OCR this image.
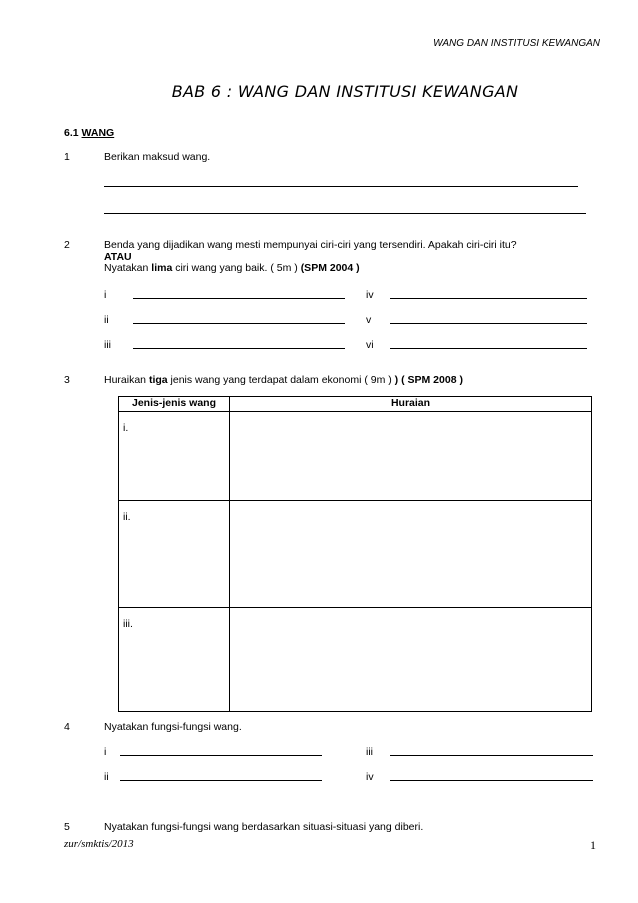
WANG DAN INSTITUSI KEWANGAN
BAB 6 : WANG DAN INSTITUSI KEWANGAN
6.1 WANG
1	Berikan maksud wang.
2	Benda yang dijadikan wang mesti mempunyai ciri-ciri yang tersendiri. Apakah ciri-ciri itu?
ATAU
Nyatakan lima ciri wang yang baik. ( 5m ) (SPM 2004 )
i	iv
ii	v
iii	vi
3	Huraikan tiga jenis wang yang terdapat dalam ekonomi ( 9m ) ) ( SPM 2008 )
Jenis-jenis wang	Huraian
i.	
ii.	
iii.	
4	Nyatakan fungsi-fungsi wang.
i	iii
ii	iv
5	Nyatakan fungsi-fungsi wang berdasarkan situasi-situasi yang diberi.
zur/smktis/2013	1
